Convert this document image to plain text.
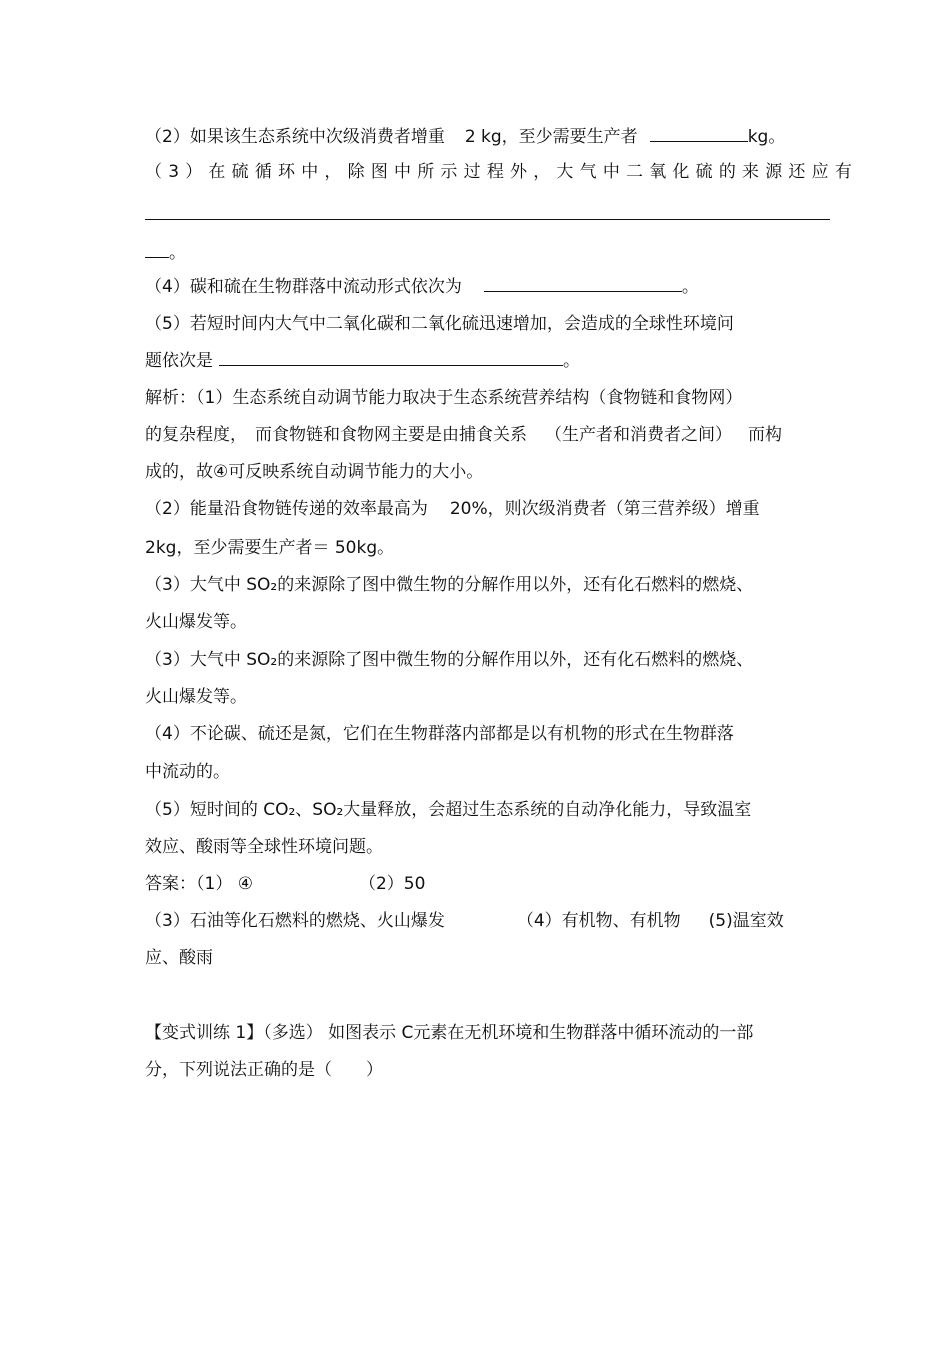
（2）如果该生态系统中次级消费者增重 2 kg，至少需要生产者	kg。
（3）在硫循环中，除图中所示过程外，大气中二氧化硫的来源还应有
。
（4）碳和硫在生物群落中流动形式依次为	。
（5）若短时间内大气中二氧化碳和二氧化硫迅速增加，会造成的全球性环境问
题依次是	。
解析：（1）生态系统自动调节能力取决于生态系统营养结构（食物链和食物网）
的复杂程度， 而食物链和食物网主要是由捕食关系 （生产者和消费者之间） 而构
成的，故④可反映系统自动调节能力的大小。
（2）能量沿食物链传递的效率最高为 20%，则次级消费者（第三营养级）增重
2kg，至少需要生产者＝ 50kg。
（3）大气中 SO₂的来源除了图中微生物的分解作用以外，还有化石燃料的燃烧、
火山爆发等。
（3）大气中 SO₂的来源除了图中微生物的分解作用以外，还有化石燃料的燃烧、
火山爆发等。
（4）不论碳、硫还是氮，它们在生物群落内部都是以有机物的形式在生物群落
中流动的。
（5）短时间的 CO₂、SO₂大量释放，会超过生态系统的自动净化能力，导致温室
效应、酸雨等全球性环境问题。
答案：（1） ④	（2）50
（3）石油等化石燃料的燃烧、火山爆发	（4）有机物、有机物 (5)温室效
应、酸雨
【变式训练 1】（多选） 如图表示 C元素在无机环境和生物群落中循环流动的一部
分，下列说法正确的是（　　）
